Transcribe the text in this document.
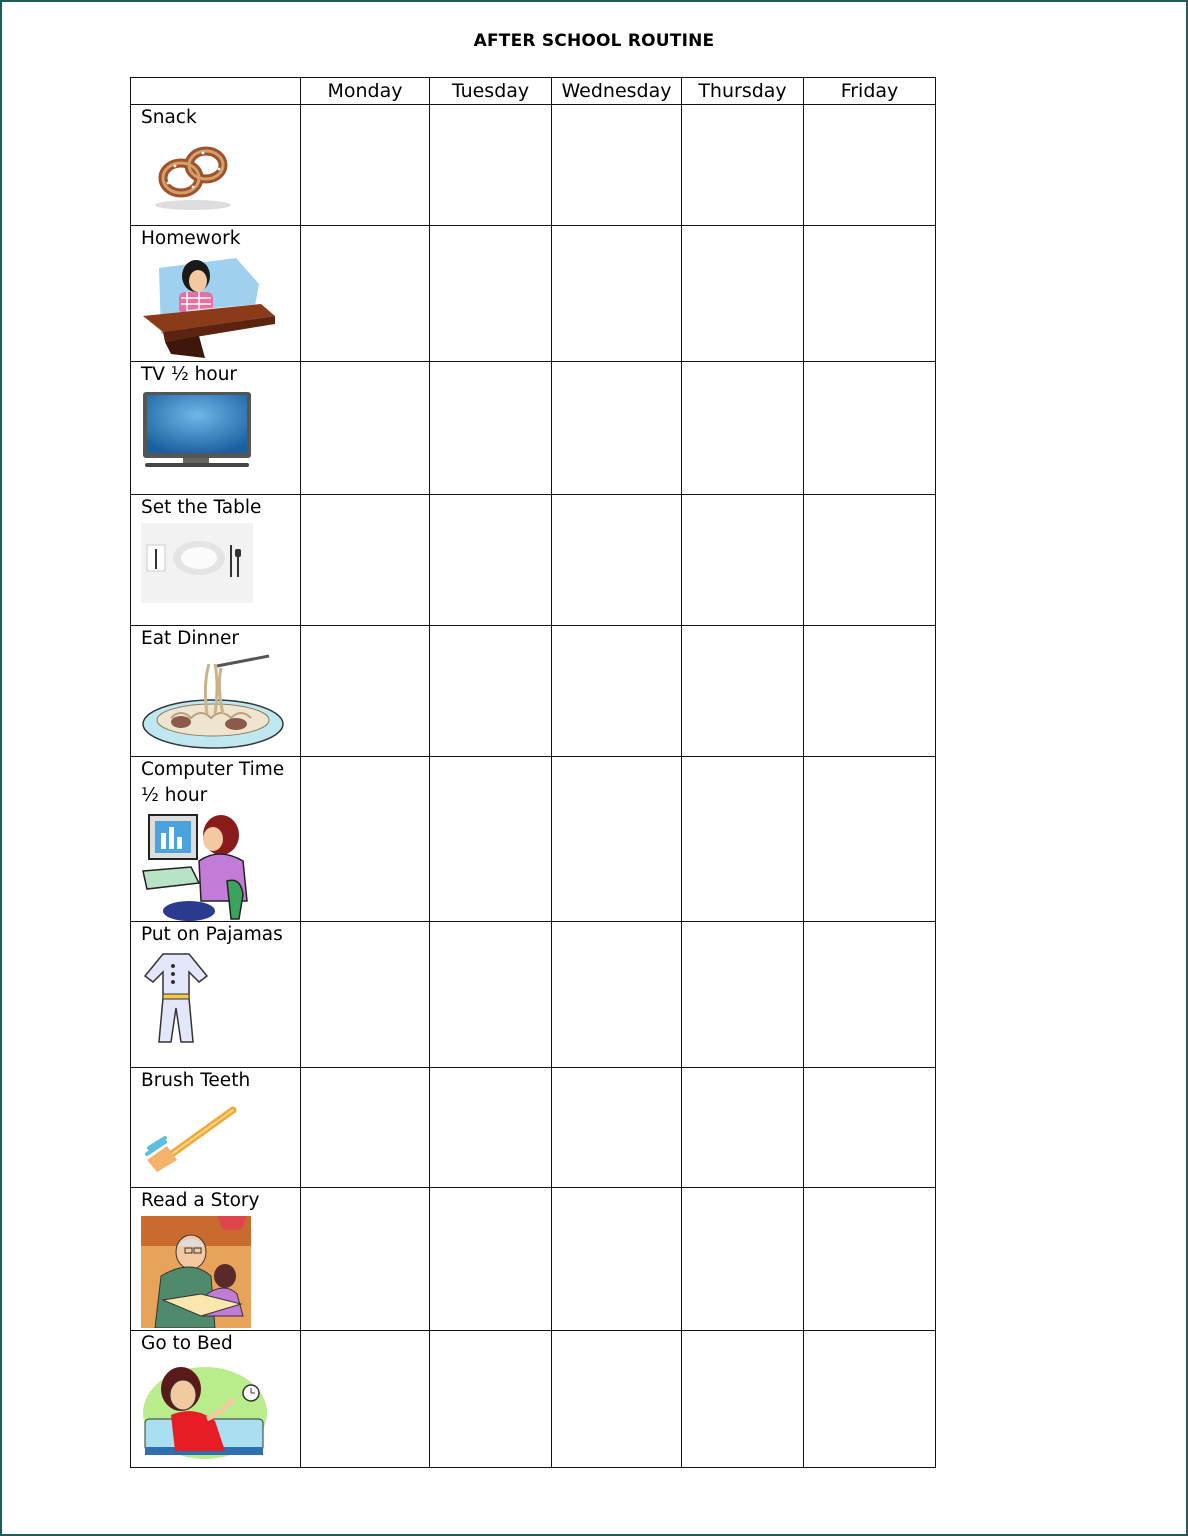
AFTER SCHOOL ROUTINE
	Monday	Tuesday	Wednesday	Thursday	Friday

Snack					

Homework					

TV ½ hour					

Set the Table					

Eat Dinner					

Computer Time ½ hour					

Put on Pajamas					

Brush Teeth					

Read a Story					

Go to Bed					
